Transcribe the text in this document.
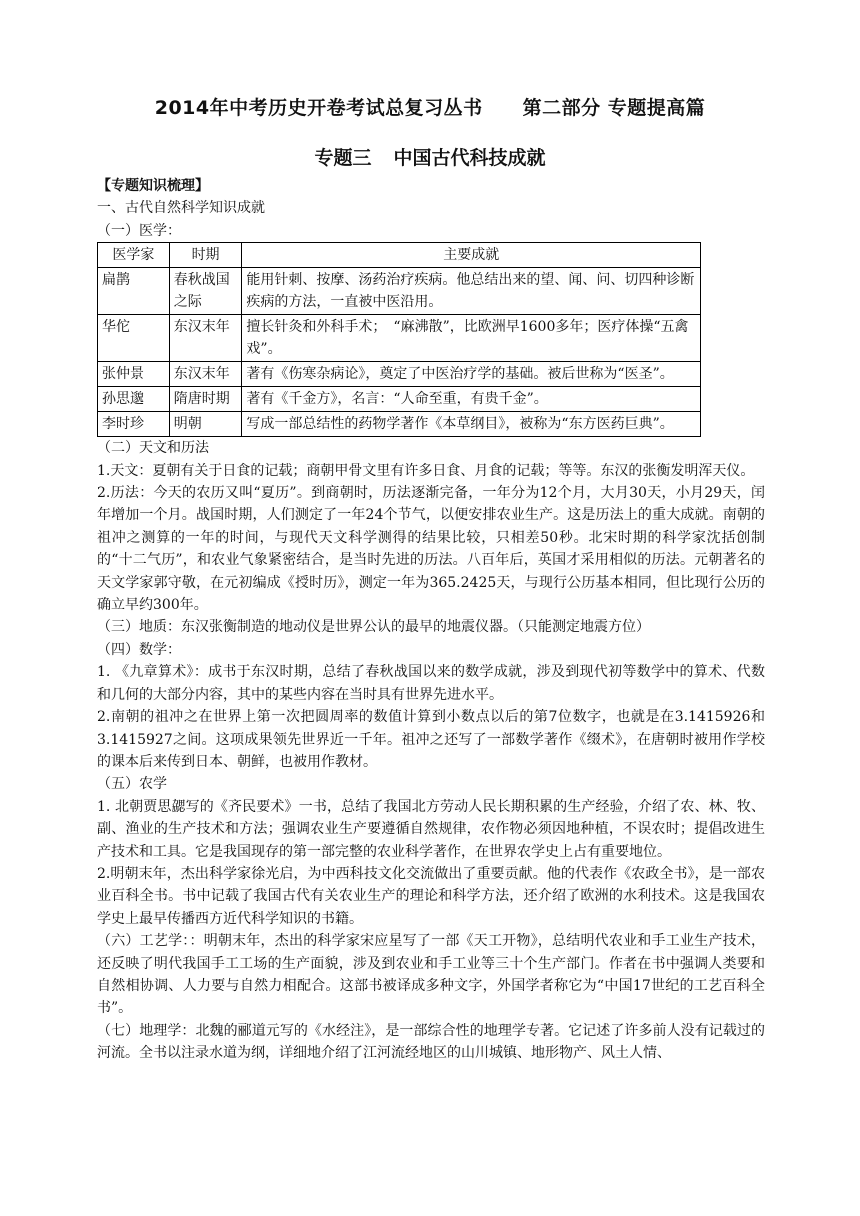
2014年中考历史开卷考试总复习丛书 第二部分 专题提高篇
专题三 中国古代科技成就
【专题知识梳理】
一、古代自然科学知识成就
（一）医学：
医学家	时期	主要成就
扁鹊	春秋战国之际	能用针刺、按摩、汤药治疗疾病。他总结出来的望、闻、问、切四种诊断疾病的方法，一直被中医沿用。
华佗	东汉末年	擅长针灸和外科手术；　“麻沸散”，比欧洲早1600多年；医疗体操“五禽戏”。
张仲景	东汉末年	著有《伤寒杂病论》，奠定了中医治疗学的基础。被后世称为“医圣”。
孙思邈	隋唐时期	著有《千金方》，名言：“人命至重，有贵千金”。
李时珍	明朝	写成一部总结性的药物学著作《本草纲目》，被称为“东方医药巨典”。
（二）天文和历法
1.天文：夏朝有关于日食的记载；商朝甲骨文里有许多日食、月食的记载；等等。东汉的张衡发明浑天仪。
2.历法：今天的农历又叫“夏历”。到商朝时，历法逐渐完备，一年分为12个月，大月30天，小月29天，闰年增加一个月。战国时期，人们测定了一年24个节气，以便安排农业生产。这是历法上的重大成就。南朝的祖冲之测算的一年的时间，与现代天文科学测得的结果比较，只相差50秒。北宋时期的科学家沈括创制的“十二气历”，和农业气象紧密结合，是当时先进的历法。八百年后，英国才采用相似的历法。元朝著名的天文学家郭守敬，在元初编成《授时历》，测定一年为365.2425天，与现行公历基本相同，但比现行公历的确立早约300年。
（三）地质：东汉张衡制造的地动仪是世界公认的最早的地震仪器。（只能测定地震方位）
（四）数学：
1. 《九章算术》：成书于东汉时期，总结了春秋战国以来的数学成就，涉及到现代初等数学中的算术、代数和几何的大部分内容，其中的某些内容在当时具有世界先进水平。
2.南朝的祖冲之在世界上第一次把圆周率的数值计算到小数点以后的第7位数字，也就是在3.1415926和3.1415927之间。这项成果领先世界近一千年。祖冲之还写了一部数学著作《缀术》，在唐朝时被用作学校的课本后来传到日本、朝鲜，也被用作教材。
（五）农学
1. 北朝贾思勰写的《齐民要术》一书，总结了我国北方劳动人民长期积累的生产经验，介绍了农、林、牧、副、渔业的生产技术和方法；强调农业生产要遵循自然规律，农作物必须因地种植，不误农时；提倡改进生产技术和工具。它是我国现存的第一部完整的农业科学著作，在世界农学史上占有重要地位。
2.明朝末年，杰出科学家徐光启，为中西科技文化交流做出了重要贡献。他的代表作《农政全书》，是一部农业百科全书。书中记载了我国古代有关农业生产的理论和科学方法，还介绍了欧洲的水利技术。这是我国农学史上最早传播西方近代科学知识的书籍。
（六）工艺学：：明朝末年，杰出的科学家宋应星写了一部《天工开物》，总结明代农业和手工业生产技术，还反映了明代我国手工工场的生产面貌，涉及到农业和手工业等三十个生产部门。作者在书中强调人类要和自然相协调、人力要与自然力相配合。这部书被译成多种文字，外国学者称它为“中国17世纪的工艺百科全书”。
（七）地理学：北魏的郦道元写的《水经注》，是一部综合性的地理学专著。它记述了许多前人没有记载过的河流。全书以注录水道为纲，详细地介绍了江河流经地区的山川城镇、地形物产、风土人情、
